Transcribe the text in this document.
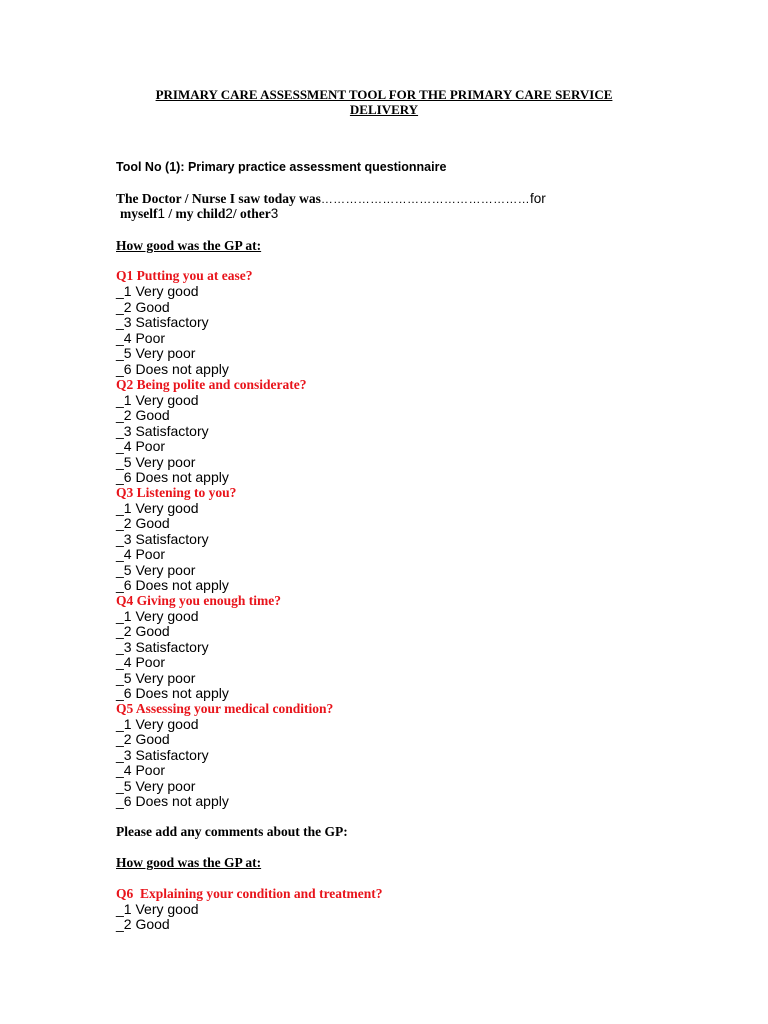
PRIMARY CARE ASSESSMENT TOOL FOR THE PRIMARY CARE SERVICE
DELIVERY
Tool No (1): Primary practice assessment questionnaire
The Doctor / Nurse I saw today was……………………………………………for
myself1 / my child2/ other3
How good was the GP at:
Q1 Putting you at ease?
_1 Very good
_2 Good
_3 Satisfactory
_4 Poor
_5 Very poor
_6 Does not apply
Q2 Being polite and considerate?
_1 Very good
_2 Good
_3 Satisfactory
_4 Poor
_5 Very poor
_6 Does not apply
Q3 Listening to you?
_1 Very good
_2 Good
_3 Satisfactory
_4 Poor
_5 Very poor
_6 Does not apply
Q4 Giving you enough time?
_1 Very good
_2 Good
_3 Satisfactory
_4 Poor
_5 Very poor
_6 Does not apply
Q5 Assessing your medical condition?
_1 Very good
_2 Good
_3 Satisfactory
_4 Poor
_5 Very poor
_6 Does not apply
Please add any comments about the GP:
How good was the GP at:
Q6  Explaining your condition and treatment?
_1 Very good
_2 Good
